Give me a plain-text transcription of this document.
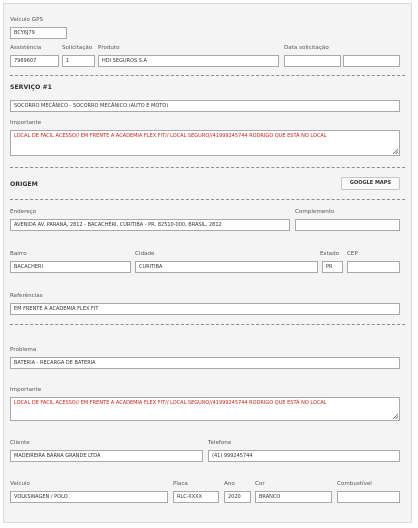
Veículo GPS
BCY6J79
Assistência
7969607
Solicitação
1
Produto
HDI SEGUROS S.A
Data solicitação
SERVIÇO #1
SOCORRO MECÂNICO - SOCORRO MECÂNICO (AUTO E MOTO)
Importante
LOCAL DE FACIL ACESSO// EM FRENTE A ACADEMIA FLEX FIT// LOCAL SEGURO//41999245744 RODRIGO QUE ESTÁ NO LOCAL
ORIGEM	GOOGLE MAPS
Endereço
AVENIDA AV. PARANÁ, 2812 - BACACHERI, CURITIBA - PR, 82510-000, BRASIL, 2812
Complemento
Bairro
BACACHERI
Cidade
CURITIBA
Estado
PR
CEP
Referências
EM FRENTE A ACADEMIA FLEX FIT
Problema
BATERIA - RECARGA DE BATERIA
Importante
LOCAL DE FACIL ACESSO// EM FRENTE A ACADEMIA FLEX FIT// LOCAL SEGURO//41999245744 RODRIGO QUE ESTÁ NO LOCAL
Cliente
MADEIREIRA BARRA GRANDE LTDA
Telefone
(41) 999245744
Veículo
VOLKSWAGEN / POLO
Placa
RLC-XXXX
Ano
2020
Cor
BRANCO
Combustível
